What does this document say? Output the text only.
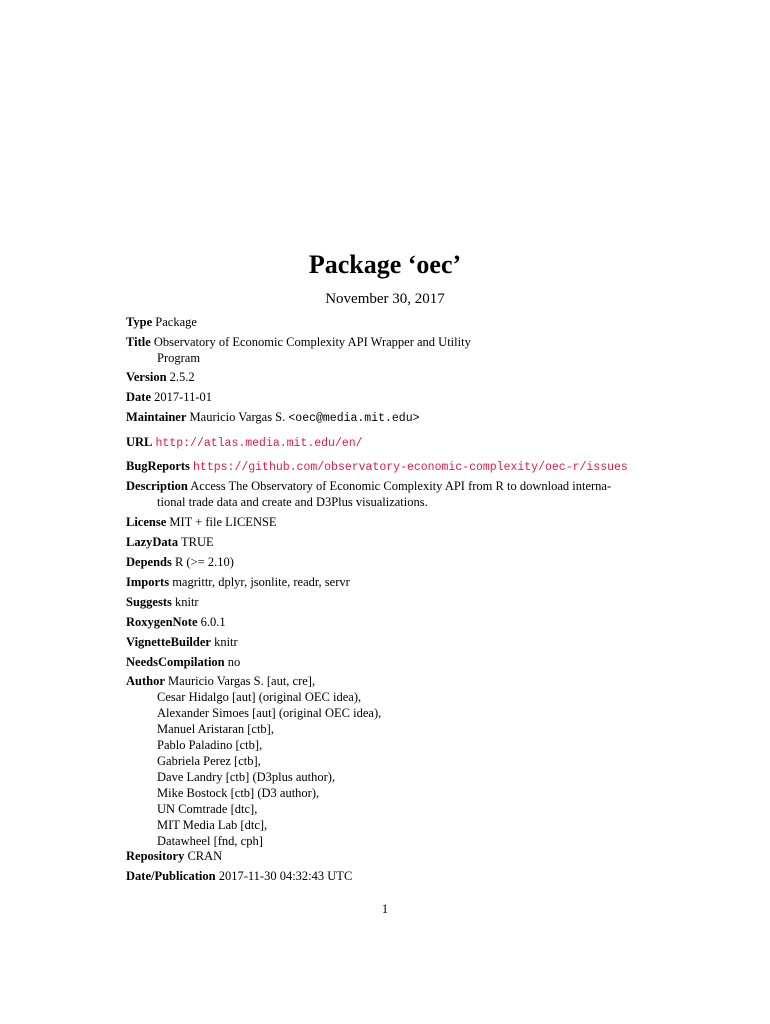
Package ‘oec’
November 30, 2017
Type Package
Title Observatory of Economic Complexity API Wrapper and Utility
Program
Version 2.5.2
Date 2017-11-01
Maintainer Mauricio Vargas S. <oec@media.mit.edu>
URL http://atlas.media.mit.edu/en/
BugReports https://github.com/observatory-economic-complexity/oec-r/issues
Description Access The Observatory of Economic Complexity API from R to download interna-
tional trade data and create and D3Plus visualizations.
License MIT + file LICENSE
LazyData TRUE
Depends R (>= 2.10)
Imports magrittr, dplyr, jsonlite, readr, servr
Suggests knitr
RoxygenNote 6.0.1
VignetteBuilder knitr
NeedsCompilation no
Author Mauricio Vargas S. [aut, cre],
Cesar Hidalgo [aut] (original OEC idea),
Alexander Simoes [aut] (original OEC idea),
Manuel Aristaran [ctb],
Pablo Paladino [ctb],
Gabriela Perez [ctb],
Dave Landry [ctb] (D3plus author),
Mike Bostock [ctb] (D3 author),
UN Comtrade [dtc],
MIT Media Lab [dtc],
Datawheel [fnd, cph]
Repository CRAN
Date/Publication 2017-11-30 04:32:43 UTC
1
